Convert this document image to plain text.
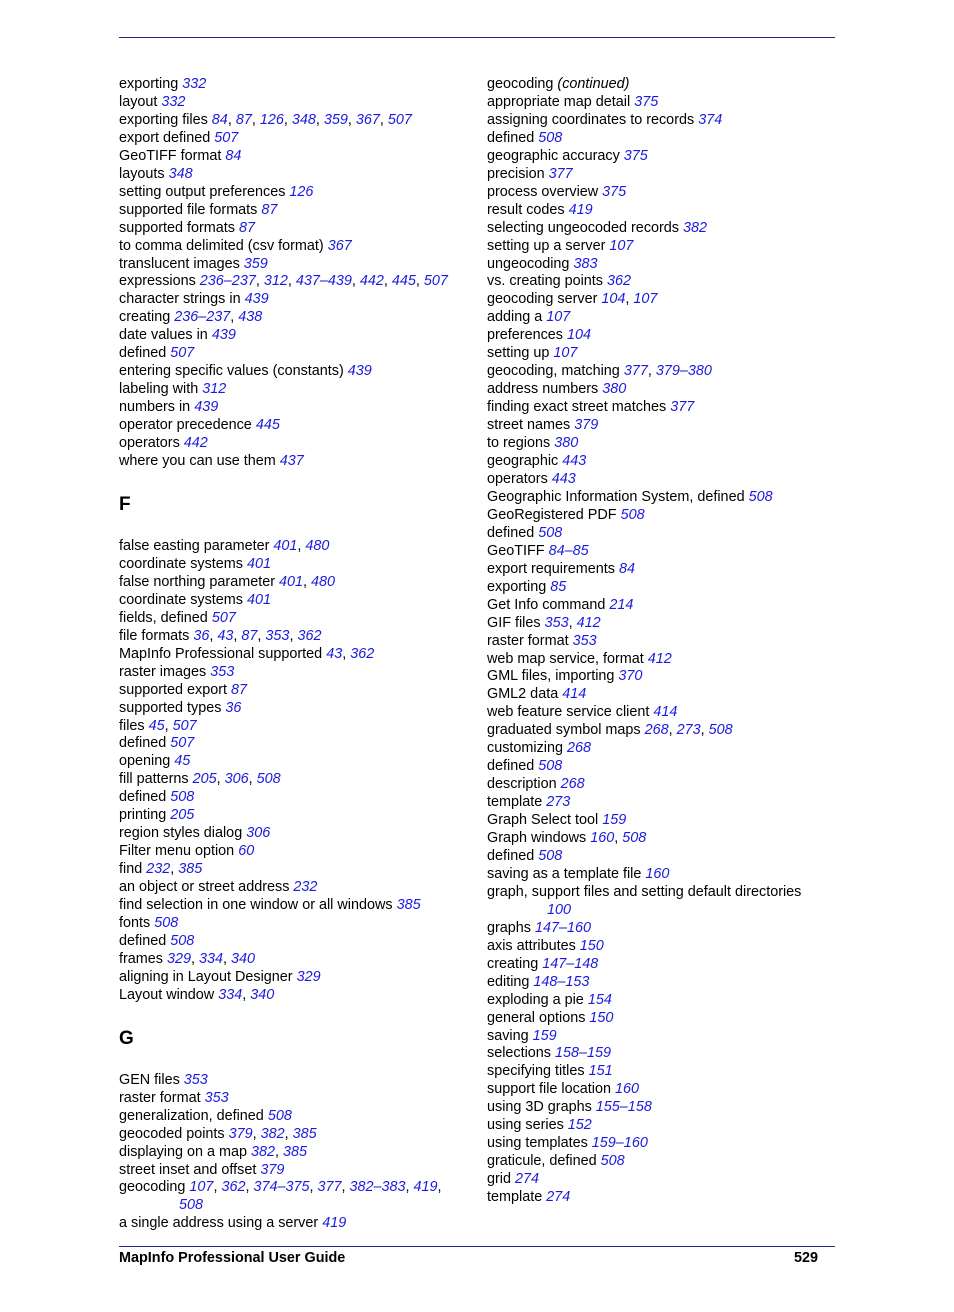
exporting 332
layout 332
exporting files 84, 87, 126, 348, 359, 367, 507
export defined 507
GeoTIFF format 84
layouts 348
setting output preferences 126
supported file formats 87
supported formats 87
to comma delimited (csv format) 367
translucent images 359
expressions 236–237, 312, 437–439, 442, 445, 507
character strings in 439
creating 236–237, 438
date values in 439
defined 507
entering specific values (constants) 439
labeling with 312
numbers in 439
operator precedence 445
operators 442
where you can use them 437
F
false easting parameter 401, 480
coordinate systems 401
false northing parameter 401, 480
coordinate systems 401
fields, defined 507
file formats 36, 43, 87, 353, 362
MapInfo Professional supported 43, 362
raster images 353
supported export 87
supported types 36
files 45, 507
defined 507
opening 45
fill patterns 205, 306, 508
defined 508
printing 205
region styles dialog 306
Filter menu option 60
find 232, 385
an object or street address 232
find selection in one window or all windows 385
fonts 508
defined 508
frames 329, 334, 340
aligning in Layout Designer 329
Layout window 334, 340
G
GEN files 353
raster format 353
generalization, defined 508
geocoded points 379, 382, 385
displaying on a map 382, 385
street inset and offset 379
geocoding 107, 362, 374–375, 377, 382–383, 419,
508
a single address using a server 419
geocoding (continued)
appropriate map detail 375
assigning coordinates to records 374
defined 508
geographic accuracy 375
precision 377
process overview 375
result codes 419
selecting ungeocoded records 382
setting up a server 107
ungeocoding 383
vs. creating points 362
geocoding server 104, 107
adding a 107
preferences 104
setting up 107
geocoding, matching 377, 379–380
address numbers 380
finding exact street matches 377
street names 379
to regions 380
geographic 443
operators 443
Geographic Information System, defined 508
GeoRegistered PDF 508
defined 508
GeoTIFF 84–85
export requirements 84
exporting 85
Get Info command 214
GIF files 353, 412
raster format 353
web map service, format 412
GML files, importing 370
GML2 data 414
web feature service client 414
graduated symbol maps 268, 273, 508
customizing 268
defined 508
description 268
template 273
Graph Select tool 159
Graph windows 160, 508
defined 508
saving as a template file 160
graph, support files and setting default directories
100
graphs 147–160
axis attributes 150
creating 147–148
editing 148–153
exploding a pie 154
general options 150
saving 159
selections 158–159
specifying titles 151
support file location 160
using 3D graphs 155–158
using series 152
using templates 159–160
graticule, defined 508
grid 274
template 274
MapInfo Professional User Guide	529
